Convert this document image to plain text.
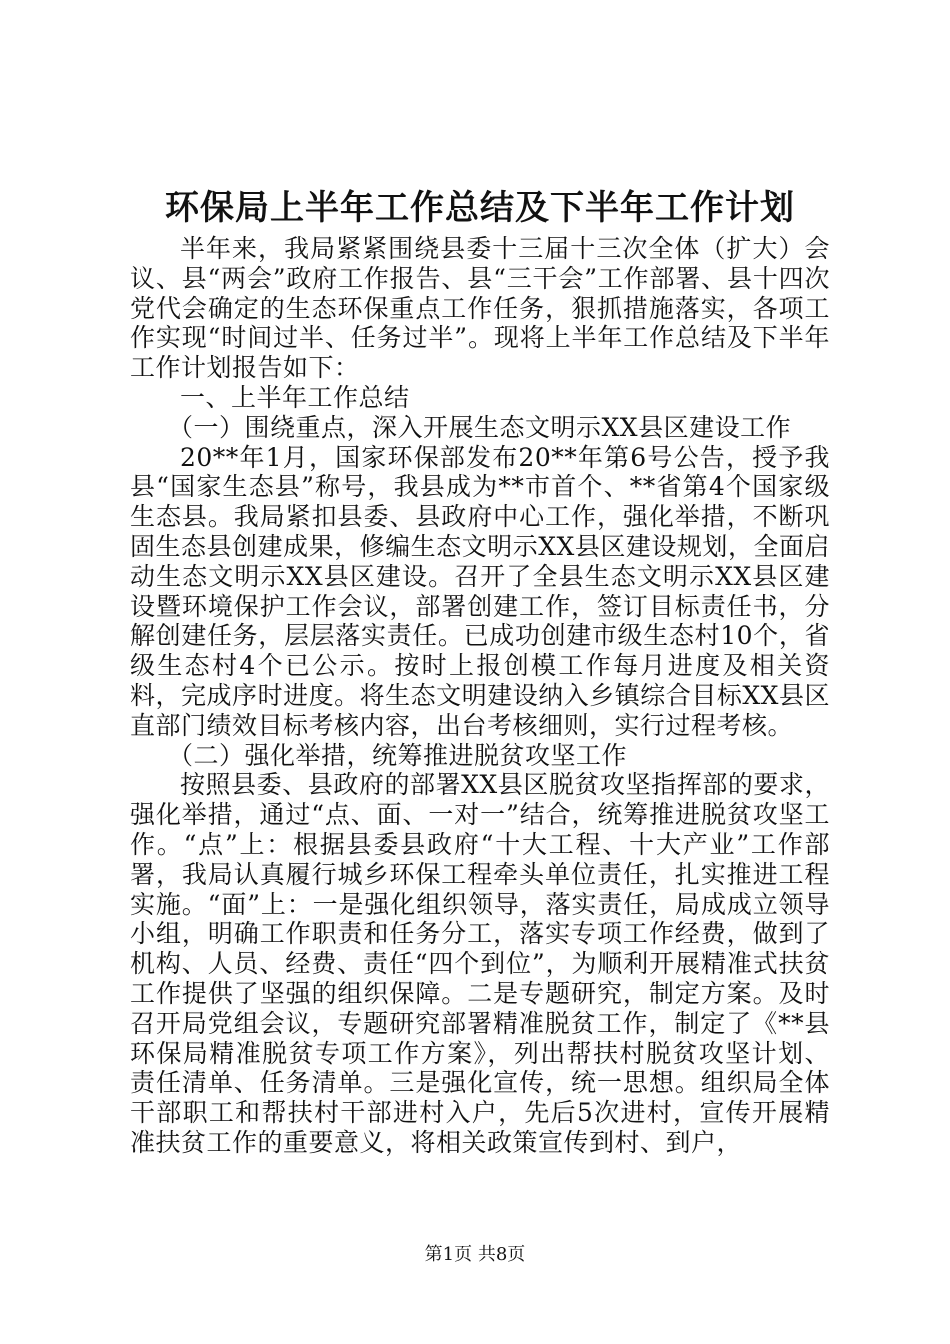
环保局上半年工作总结及下半年工作计划

半年来，我局紧紧围绕县委十三届十三次全体（扩大）会议、县“两会”政府工作报告、县“三干会”工作部署、县十四次党代会确定的生态环保重点工作任务，狠抓措施落实，各项工作实现“时间过半、任务过半”。现将上半年工作总结及下半年工作计划报告如下：

一、上半年工作总结

（一）围绕重点，深入开展生态文明示XX县区建设工作

20**年1月，国家环保部发布20**年第6号公告，授予我县“国家生态县”称号，我县成为**市首个、**省第4个国家级生态县。我局紧扣县委、县政府中心工作，强化举措，不断巩固生态县创建成果，修编生态文明示XX县区建设规划，全面启动生态文明示XX县区建设。召开了全县生态文明示XX县区建设暨环境保护工作会议，部署创建工作，签订目标责任书，分解创建任务，层层落实责任。已成功创建市级生态村10个，省级生态村4个已公示。按时上报创模工作每月进度及相关资料，完成序时进度。将生态文明建设纳入乡镇综合目标XX县区直部门绩效目标考核内容，出台考核细则，实行过程考核。

（二）强化举措，统筹推进脱贫攻坚工作

按照县委、县政府的部署XX县区脱贫攻坚指挥部的要求，强化举措，通过“点、面、一对一”结合，统筹推进脱贫攻坚工作。“点”上：根据县委县政府“十大工程、十大产业”工作部署，我局认真履行城乡环保工程牵头单位责任，扎实推进工程实施。“面”上：一是强化组织领导，落实责任，局成成立领导小组，明确工作职责和任务分工，落实专项工作经费，做到了机构、人员、经费、责任“四个到位”，为顺利开展精准式扶贫工作提供了坚强的组织保障。二是专题研究，制定方案。及时召开局党组会议，专题研究部署精准脱贫工作，制定了《**县环保局精准脱贫专项工作方案》，列出帮扶村脱贫攻坚计划、责任清单、任务清单。三是强化宣传，统一思想。组织局全体干部职工和帮扶村干部进村入户，先后5次进村，宣传开展精准扶贫工作的重要意义，将相关政策宣传到村、到户，

第1页 共8页
